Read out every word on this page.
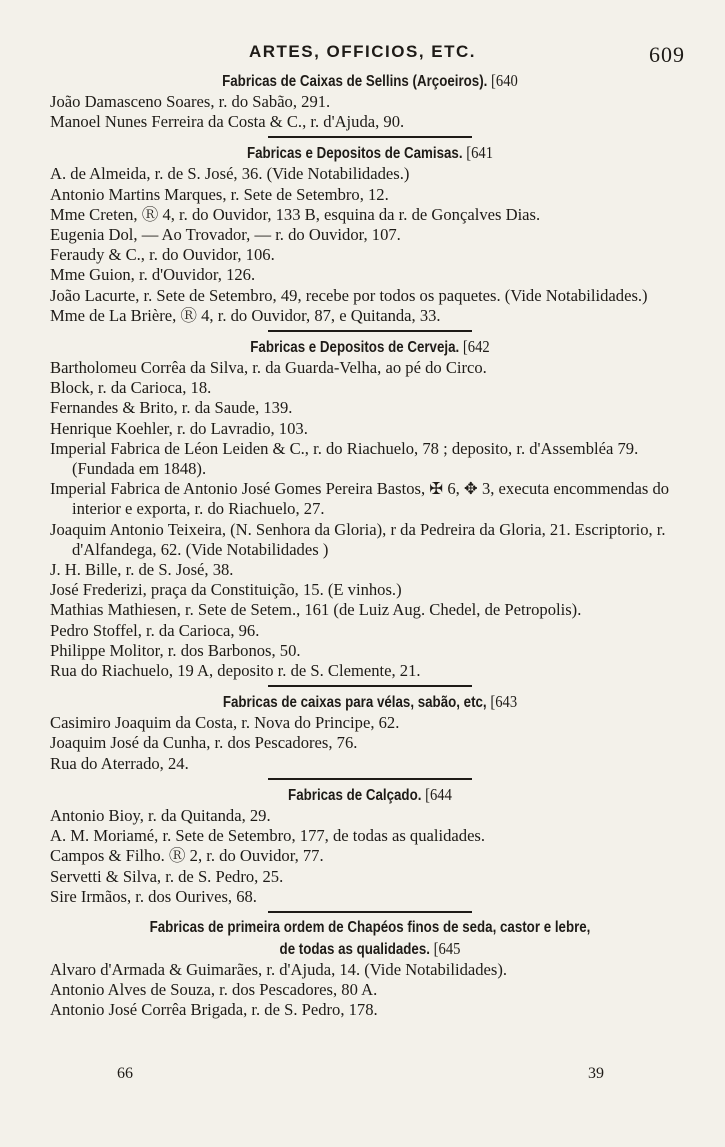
ARTES, OFFICIOS, ETC.	609
Fabricas de Caixas de Sellins (Arçoeiros). [640
João Damasceno Soares, r. do Sabão, 291.
Manoel Nunes Ferreira da Costa & C., r. d'Ajuda, 90.
Fabricas e Depositos de Camisas. [641
A. de Almeida, r. de S. José, 36. (Vide Notabilidades.)
Antonio Martins Marques, r. Sete de Setembro, 12.
Mme Creten, Ⓡ 4, r. do Ouvidor, 133 B, esquina da r. de Gonçalves Dias.
Eugenia Dol, — Ao Trovador, — r. do Ouvidor, 107.
Feraudy & C., r. do Ouvidor, 106.
Mme Guion, r. d'Ouvidor, 126.
João Lacurte, r. Sete de Setembro, 49, recebe por todos os paquetes. (Vide Notabilidades.)
Mme de La Brière, Ⓡ 4, r. do Ouvidor, 87, e Quitanda, 33.
Fabricas e Depositos de Cerveja. [642
Bartholomeu Corrêa da Silva, r. da Guarda-Velha, ao pé do Circo.
Block, r. da Carioca, 18.
Fernandes & Brito, r. da Saude, 139.
Henrique Koehler, r. do Lavradio, 103.
Imperial Fabrica de Léon Leiden & C., r. do Riachuelo, 78 ; deposito, r. d'Assembléa 79. (Fundada em 1848).
Imperial Fabrica de Antonio José Gomes Pereira Bastos, ✠ 6, ✥ 3, executa encommendas do interior e exporta, r. do Riachuelo, 27.
Joaquim Antonio Teixeira, (N. Senhora da Gloria), r da Pedreira da Gloria, 21. Escriptorio, r. d'Alfandega, 62. (Vide Notabilidades )
J. H. Bille, r. de S. José, 38.
José Frederizi, praça da Constituição, 15. (E vinhos.)
Mathias Mathiesen, r. Sete de Setem., 161 (de Luiz Aug. Chedel, de Petropolis).
Pedro Stoffel, r. da Carioca, 96.
Philippe Molitor, r. dos Barbonos, 50.
Rua do Riachuelo, 19 A, deposito r. de S. Clemente, 21.
Fabricas de caixas para vélas, sabão, etc, [643
Casimiro Joaquim da Costa, r. Nova do Principe, 62.
Joaquim José da Cunha, r. dos Pescadores, 76.
Rua do Aterrado, 24.
Fabricas de Calçado. [644
Antonio Bioy, r. da Quitanda, 29.
A. M. Moriamé, r. Sete de Setembro, 177, de todas as qualidades.
Campos & Filho. Ⓡ 2, r. do Ouvidor, 77.
Servetti & Silva, r. de S. Pedro, 25.
Sire Irmãos, r. dos Ourives, 68.
Fabricas de primeira ordem de Chapéos finos de seda, castor e lebre,
de todas as qualidades. [645
Alvaro d'Armada & Guimarães, r. d'Ajuda, 14. (Vide Notabilidades).
Antonio Alves de Souza, r. dos Pescadores, 80 A.
Antonio José Corrêa Brigada, r. de S. Pedro, 178.
66	39
